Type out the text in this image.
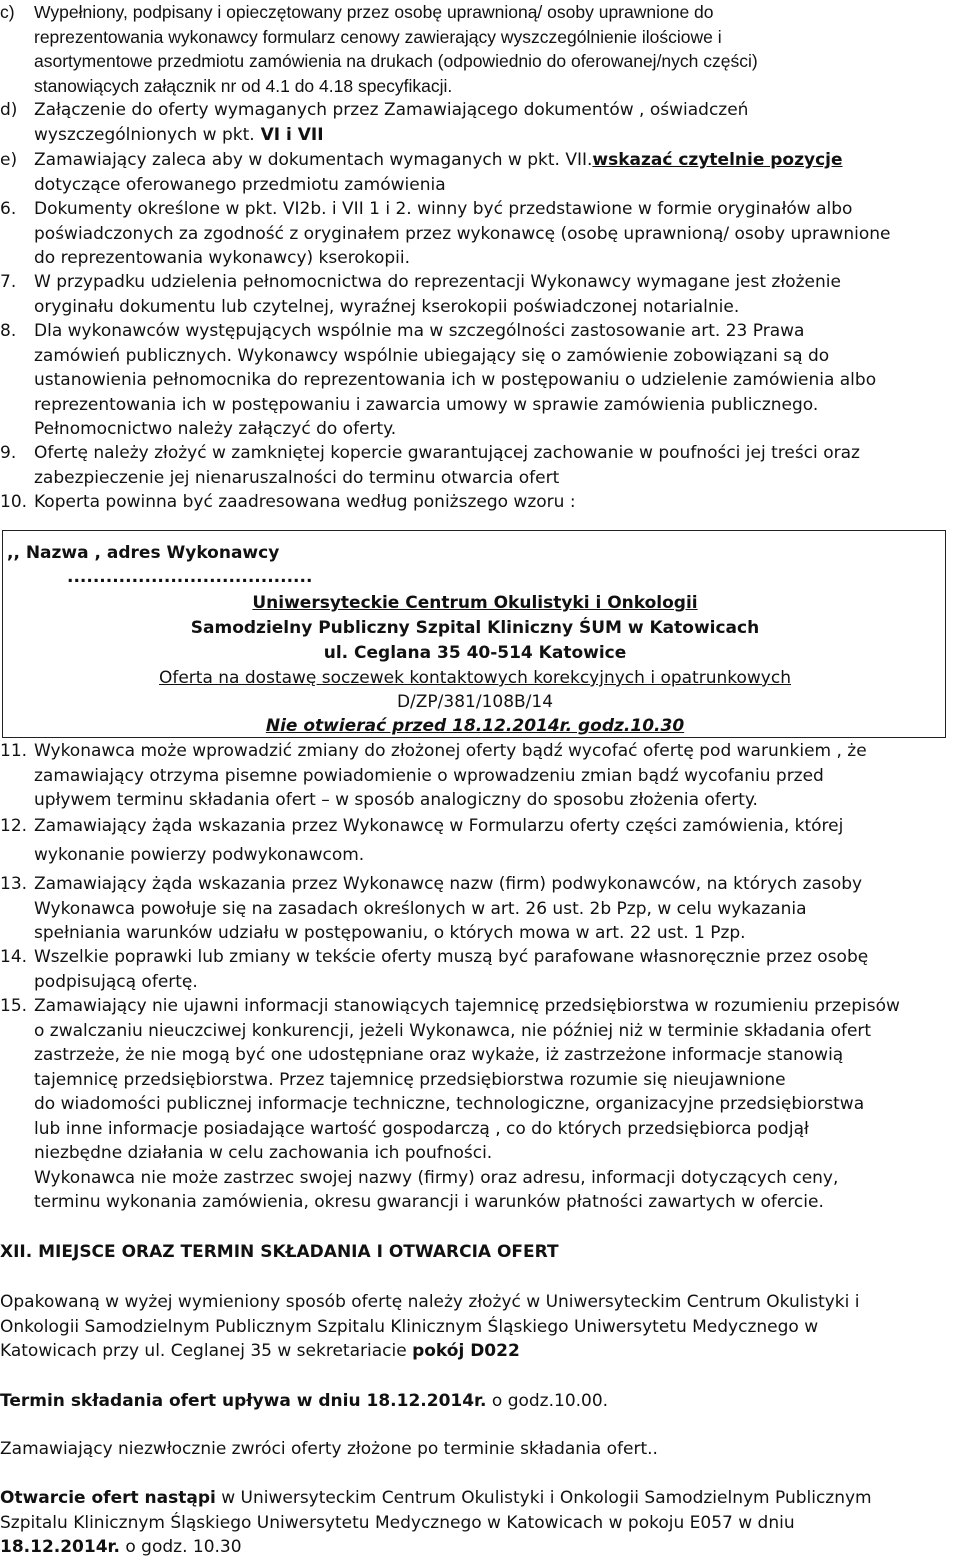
c) Wypełniony, podpisany i opieczętowany przez osobę uprawnioną/ osoby uprawnione do
reprezentowania wykonawcy formularz cenowy zawierający wyszczególnienie ilościowe i
asortymentowe przedmiotu zamówienia na drukach (odpowiednio do oferowanej/nych części)
stanowiących załącznik nr od 4.1 do 4.18 specyfikacji.
d) Załączenie do oferty wymaganych przez Zamawiającego dokumentów , oświadczeń
wyszczególnionych w pkt. VI i VII
e) Zamawiający zaleca aby w dokumentach wymaganych w pkt. VII.wskazać czytelnie pozycje
dotyczące oferowanego przedmiotu zamówienia
6. Dokumenty określone w pkt. VI2b. i VII 1 i 2. winny być przedstawione w formie oryginałów albo
poświadczonych za zgodność z oryginałem przez wykonawcę (osobę uprawnioną/ osoby uprawnione
do reprezentowania wykonawcy) kserokopii.
7. W przypadku udzielenia pełnomocnictwa do reprezentacji Wykonawcy wymagane jest złożenie
oryginału dokumentu lub czytelnej, wyraźnej kserokopii poświadczonej notarialnie.
8. Dla wykonawców występujących wspólnie ma w szczególności zastosowanie art. 23 Prawa
zamówień publicznych. Wykonawcy wspólnie ubiegający się o zamówienie zobowiązani są do
ustanowienia pełnomocnika do reprezentowania ich w postępowaniu o udzielenie zamówienia albo
reprezentowania ich w postępowaniu i zawarcia umowy w sprawie zamówienia publicznego.
Pełnomocnictwo należy załączyć do oferty.
9. Ofertę należy złożyć w zamkniętej kopercie gwarantującej zachowanie w poufności jej treści oraz
zabezpieczenie jej nienaruszalności do terminu otwarcia ofert
10. Koperta powinna być zaadresowana według poniższego wzoru :
,, Nazwa , adres Wykonawcy
......................................
Uniwersyteckie Centrum Okulistyki i Onkologii
Samodzielny Publiczny Szpital Kliniczny ŚUM w Katowicach
ul. Ceglana 35 40-514 Katowice
Oferta na dostawę soczewek kontaktowych korekcyjnych i opatrunkowych
D/ZP/381/108B/14
Nie otwierać przed 18.12.2014r. godz.10.30
11. Wykonawca może wprowadzić zmiany do złożonej oferty bądź wycofać ofertę pod warunkiem , że
zamawiający otrzyma pisemne powiadomienie o wprowadzeniu zmian bądź wycofaniu przed
upływem terminu składania ofert – w sposób analogiczny do sposobu złożenia oferty.
12. Zamawiający żąda wskazania przez Wykonawcę w Formularzu oferty części zamówienia, której
wykonanie powierzy podwykonawcom.
13. Zamawiający żąda wskazania przez Wykonawcę nazw (firm) podwykonawców, na których zasoby
Wykonawca powołuje się na zasadach określonych w art. 26 ust. 2b Pzp, w celu wykazania
spełniania warunków udziału w postępowaniu, o których mowa w art. 22 ust. 1 Pzp.
14. Wszelkie poprawki lub zmiany w tekście oferty muszą być parafowane własnoręcznie przez osobę
podpisującą ofertę.
15. Zamawiający nie ujawni informacji stanowiących tajemnicę przedsiębiorstwa w rozumieniu przepisów
o zwalczaniu nieuczciwej konkurencji, jeżeli Wykonawca, nie później niż w terminie składania ofert
zastrzeże, że nie mogą być one udostępniane oraz wykaże, iż zastrzeżone informacje stanowią
tajemnicę przedsiębiorstwa. Przez tajemnicę przedsiębiorstwa rozumie się nieujawnione
do wiadomości publicznej informacje techniczne, technologiczne, organizacyjne przedsiębiorstwa
lub inne informacje posiadające wartość gospodarczą , co do których przedsiębiorca podjął
niezbędne działania w celu zachowania ich poufności.
Wykonawca nie może zastrzec swojej nazwy (firmy) oraz adresu, informacji dotyczących ceny,
terminu wykonania zamówienia, okresu gwarancji i warunków płatności zawartych w ofercie.
XII. MIEJSCE ORAZ TERMIN SKŁADANIA I OTWARCIA OFERT
Opakowaną w wyżej wymieniony sposób ofertę należy złożyć w Uniwersyteckim Centrum Okulistyki i
Onkologii Samodzielnym Publicznym Szpitalu Klinicznym Śląskiego Uniwersytetu Medycznego w
Katowicach przy ul. Ceglanej 35 w sekretariacie pokój D022
Termin składania ofert upływa w dniu 18.12.2014r. o godz.10.00.
Zamawiający niezwłocznie zwróci oferty złożone po terminie składania ofert..
Otwarcie ofert nastąpi w Uniwersyteckim Centrum Okulistyki i Onkologii Samodzielnym Publicznym
Szpitalu Klinicznym Śląskiego Uniwersytetu Medycznego w Katowicach w pokoju E057 w dniu
18.12.2014r. o godz. 10.30
